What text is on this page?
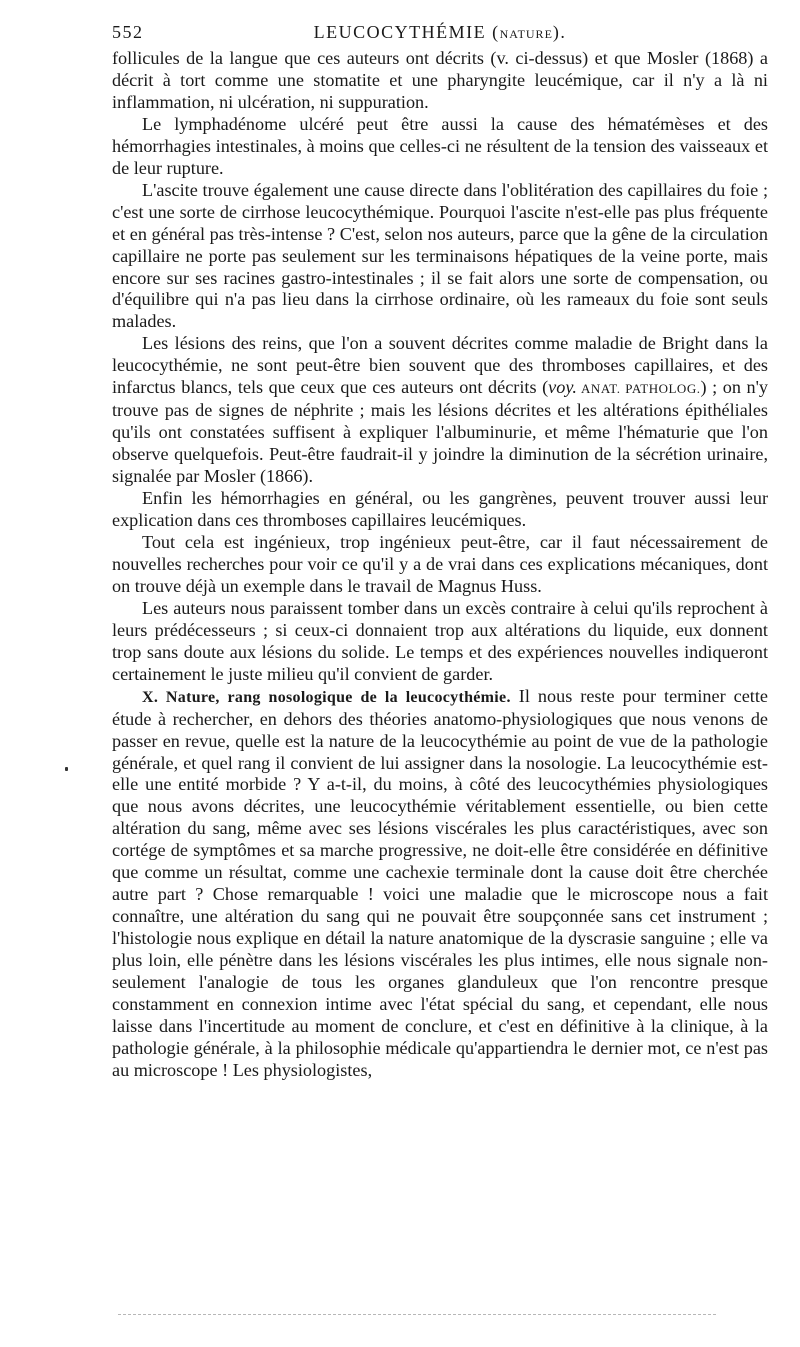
552	LEUCOCYTHÉMIE (NATURE).

follicules de la langue que ces auteurs ont décrits (v. ci-dessus) et que Mosler (1868) a décrit à tort comme une stomatite et une pharyngite leucémique, car il n'y a là ni inflammation, ni ulcération, ni suppuration.

Le lymphadénome ulcéré peut être aussi la cause des hématémèses et des hémorrhagies intestinales, à moins que celles-ci ne résultent de la tension des vaisseaux et de leur rupture.

L'ascite trouve également une cause directe dans l'oblitération des capillaires du foie ; c'est une sorte de cirrhose leucocythémique. Pourquoi l'ascite n'est-elle pas plus fréquente et en général pas très-intense ? C'est, selon nos auteurs, parce que la gêne de la circulation capillaire ne porte pas seulement sur les terminaisons hépatiques de la veine porte, mais encore sur ses racines gastro-intestinales ; il se fait alors une sorte de compensation, ou d'équilibre qui n'a pas lieu dans la cirrhose ordinaire, où les rameaux du foie sont seuls malades.

Les lésions des reins, que l'on a souvent décrites comme maladie de Bright dans la leucocythémie, ne sont peut-être bien souvent que des thromboses capillaires, et des infarctus blancs, tels que ceux que ces auteurs ont décrits (voy. ANAT. PATHOLOG.) ; on n'y trouve pas de signes de néphrite ; mais les lésions décrites et les altérations épithéliales qu'ils ont constatées suffisent à expliquer l'albuminurie, et même l'hématurie que l'on observe quelquefois. Peut-être faudrait-il y joindre la diminution de la sécrétion urinaire, signalée par Mosler (1866).

Enfin les hémorrhagies en général, ou les gangrènes, peuvent trouver aussi leur explication dans ces thromboses capillaires leucémiques.

Tout cela est ingénieux, trop ingénieux peut-être, car il faut nécessairement de nouvelles recherches pour voir ce qu'il y a de vrai dans ces explications mécaniques, dont on trouve déjà un exemple dans le travail de Magnus Huss.

Les auteurs nous paraissent tomber dans un excès contraire à celui qu'ils reprochent à leurs prédécesseurs ; si ceux-ci donnaient trop aux altérations du liquide, eux donnent trop sans doute aux lésions du solide. Le temps et des expériences nouvelles indiqueront certainement le juste milieu qu'il convient de garder.

X. Nature, rang nosologique de la leucocythémie. Il nous reste pour terminer cette étude à rechercher, en dehors des théories anatomo-physiologiques que nous venons de passer en revue, quelle est la nature de la leucocythémie au point de vue de la pathologie générale, et quel rang il convient de lui assigner dans la nosologie. La leucocythémie est-elle une entité morbide ? Y a-t-il, du moins, à côté des leucocythémies physiologiques que nous avons décrites, une leucocythémie véritablement essentielle, ou bien cette altération du sang, même avec ses lésions viscérales les plus caractéristiques, avec son cortége de symptômes et sa marche progressive, ne doit-elle être considérée en définitive que comme un résultat, comme une cachexie terminale dont la cause doit être cherchée autre part ? Chose remarquable ! voici une maladie que le microscope nous a fait connaître, une altération du sang qui ne pouvait être soupçonnée sans cet instrument ; l'histologie nous explique en détail la nature anatomique de la dyscrasie sanguine ; elle va plus loin, elle pénètre dans les lésions viscérales les plus intimes, elle nous signale non-seulement l'analogie de tous les organes glanduleux que l'on rencontre presque constamment en connexion intime avec l'état spécial du sang, et cependant, elle nous laisse dans l'incertitude au moment de conclure, et c'est en définitive à la clinique, à la pathologie générale, à la philosophie médicale qu'appartiendra le dernier mot, ce n'est pas au microscope ! Les physiologistes,
